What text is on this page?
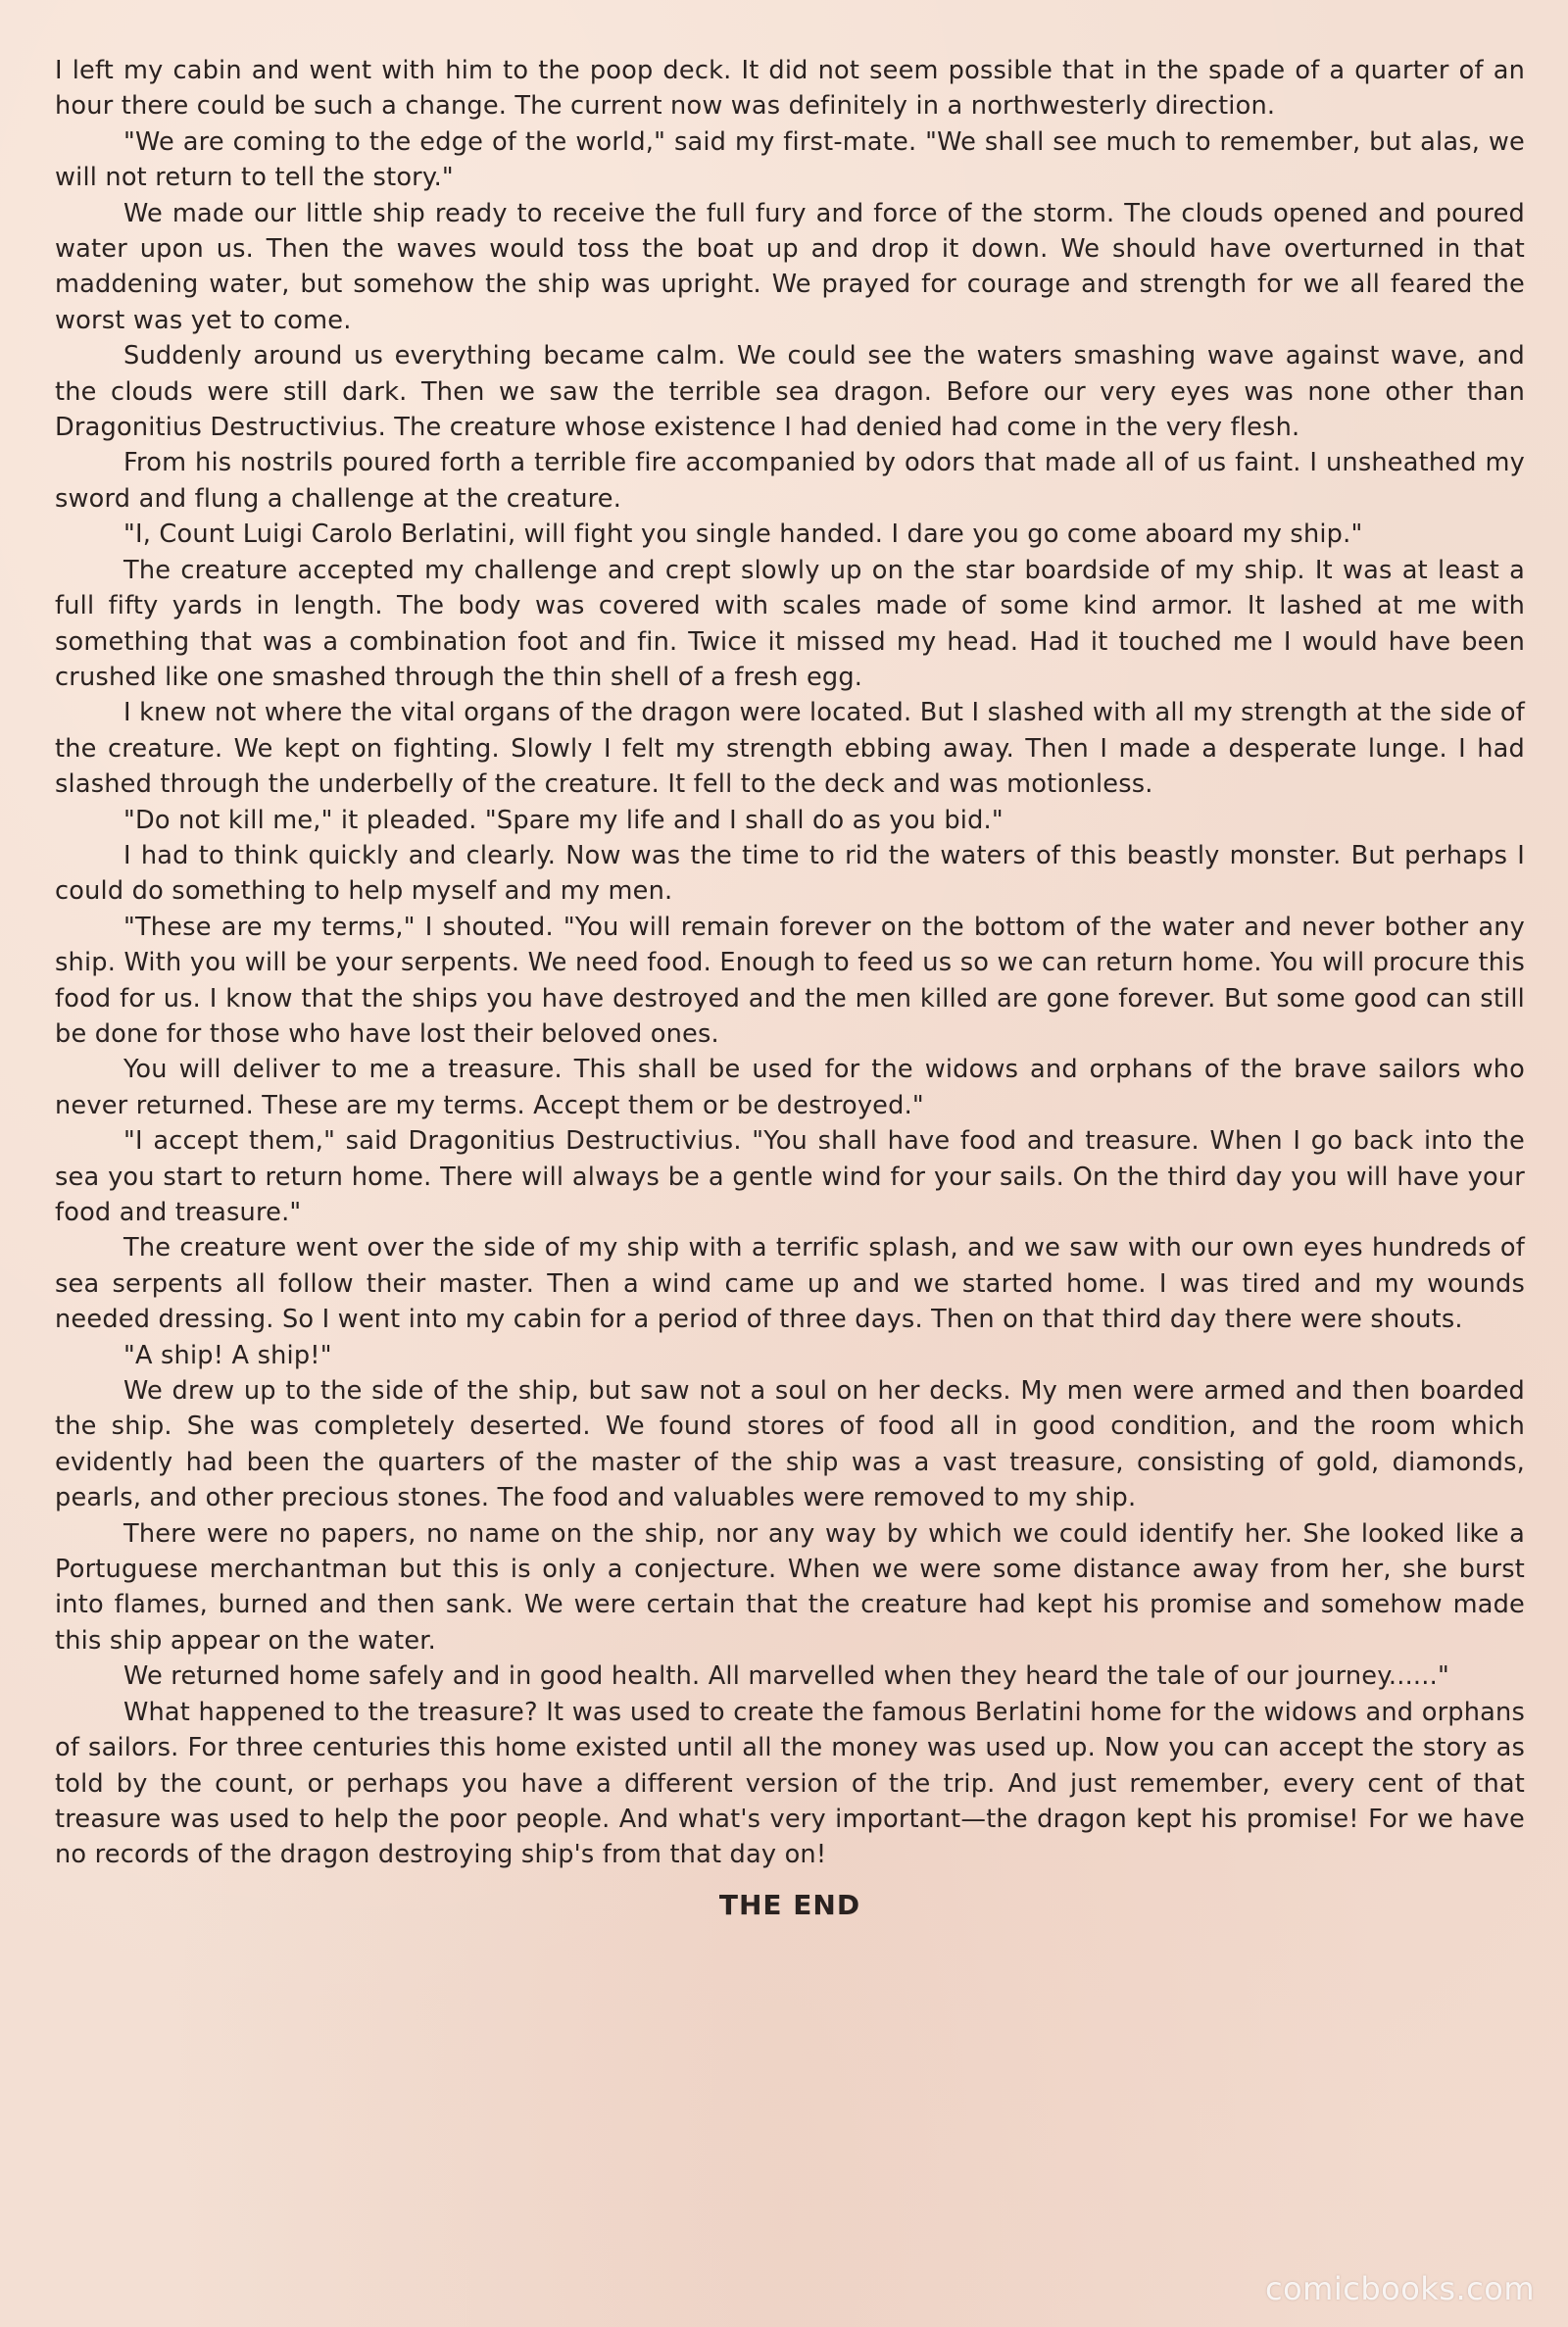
I left my cabin and went with him to the poop deck. It did not seem possible that in the spade of a quarter of an hour there could be such a change. The current now was definitely in a northwesterly direction.

"We are coming to the edge of the world," said my first-mate. "We shall see much to remember, but alas, we will not return to tell the story."

We made our little ship ready to receive the full fury and force of the storm. The clouds opened and poured water upon us. Then the waves would toss the boat up and drop it down. We should have overturned in that maddening water, but somehow the ship was upright. We prayed for courage and strength for we all feared the worst was yet to come.

Suddenly around us everything became calm. We could see the waters smashing wave against wave, and the clouds were still dark. Then we saw the terrible sea dragon. Before our very eyes was none other than Dragonitius Destructivius. The creature whose existence I had denied had come in the very flesh.

From his nostrils poured forth a terrible fire accompanied by odors that made all of us faint. I unsheathed my sword and flung a challenge at the creature.

"I, Count Luigi Carolo Berlatini, will fight you single handed. I dare you go come aboard my ship."

The creature accepted my challenge and crept slowly up on the star boardside of my ship. It was at least a full fifty yards in length. The body was covered with scales made of some kind armor. It lashed at me with something that was a combination foot and fin. Twice it missed my head. Had it touched me I would have been crushed like one smashed through the thin shell of a fresh egg.

I knew not where the vital organs of the dragon were located. But I slashed with all my strength at the side of the creature. We kept on fighting. Slowly I felt my strength ebbing away. Then I made a desperate lunge. I had slashed through the underbelly of the creature. It fell to the deck and was motionless.

"Do not kill me," it pleaded. "Spare my life and I shall do as you bid."

I had to think quickly and clearly. Now was the time to rid the waters of this beastly monster. But perhaps I could do something to help myself and my men.

"These are my terms," I shouted. "You will remain forever on the bottom of the water and never bother any ship. With you will be your serpents. We need food. Enough to feed us so we can return home. You will procure this food for us. I know that the ships you have destroyed and the men killed are gone forever. But some good can still be done for those who have lost their beloved ones.

You will deliver to me a treasure. This shall be used for the widows and orphans of the brave sailors who never returned. These are my terms. Accept them or be destroyed."

"I accept them," said Dragonitius Destructivius. "You shall have food and treasure. When I go back into the sea you start to return home. There will always be a gentle wind for your sails. On the third day you will have your food and treasure."

The creature went over the side of my ship with a terrific splash, and we saw with our own eyes hundreds of sea serpents all follow their master. Then a wind came up and we started home. I was tired and my wounds needed dressing. So I went into my cabin for a period of three days. Then on that third day there were shouts.

"A ship! A ship!"

We drew up to the side of the ship, but saw not a soul on her decks. My men were armed and then boarded the ship. She was completely deserted. We found stores of food all in good condition, and the room which evidently had been the quarters of the master of the ship was a vast treasure, consisting of gold, diamonds, pearls, and other precious stones. The food and valuables were removed to my ship.

There were no papers, no name on the ship, nor any way by which we could identify her. She looked like a Portuguese merchantman but this is only a conjecture. When we were some distance away from her, she burst into flames, burned and then sank. We were certain that the creature had kept his promise and somehow made this ship appear on the water.

We returned home safely and in good health. All marvelled when they heard the tale of our journey......"

What happened to the treasure? It was used to create the famous Berlatini home for the widows and orphans of sailors. For three centuries this home existed until all the money was used up. Now you can accept the story as told by the count, or perhaps you have a different version of the trip. And just remember, every cent of that treasure was used to help the poor people. And what's very important—the dragon kept his promise! For we have no records of the dragon destroying ship's from that day on!

THE END
comicbooks.com
